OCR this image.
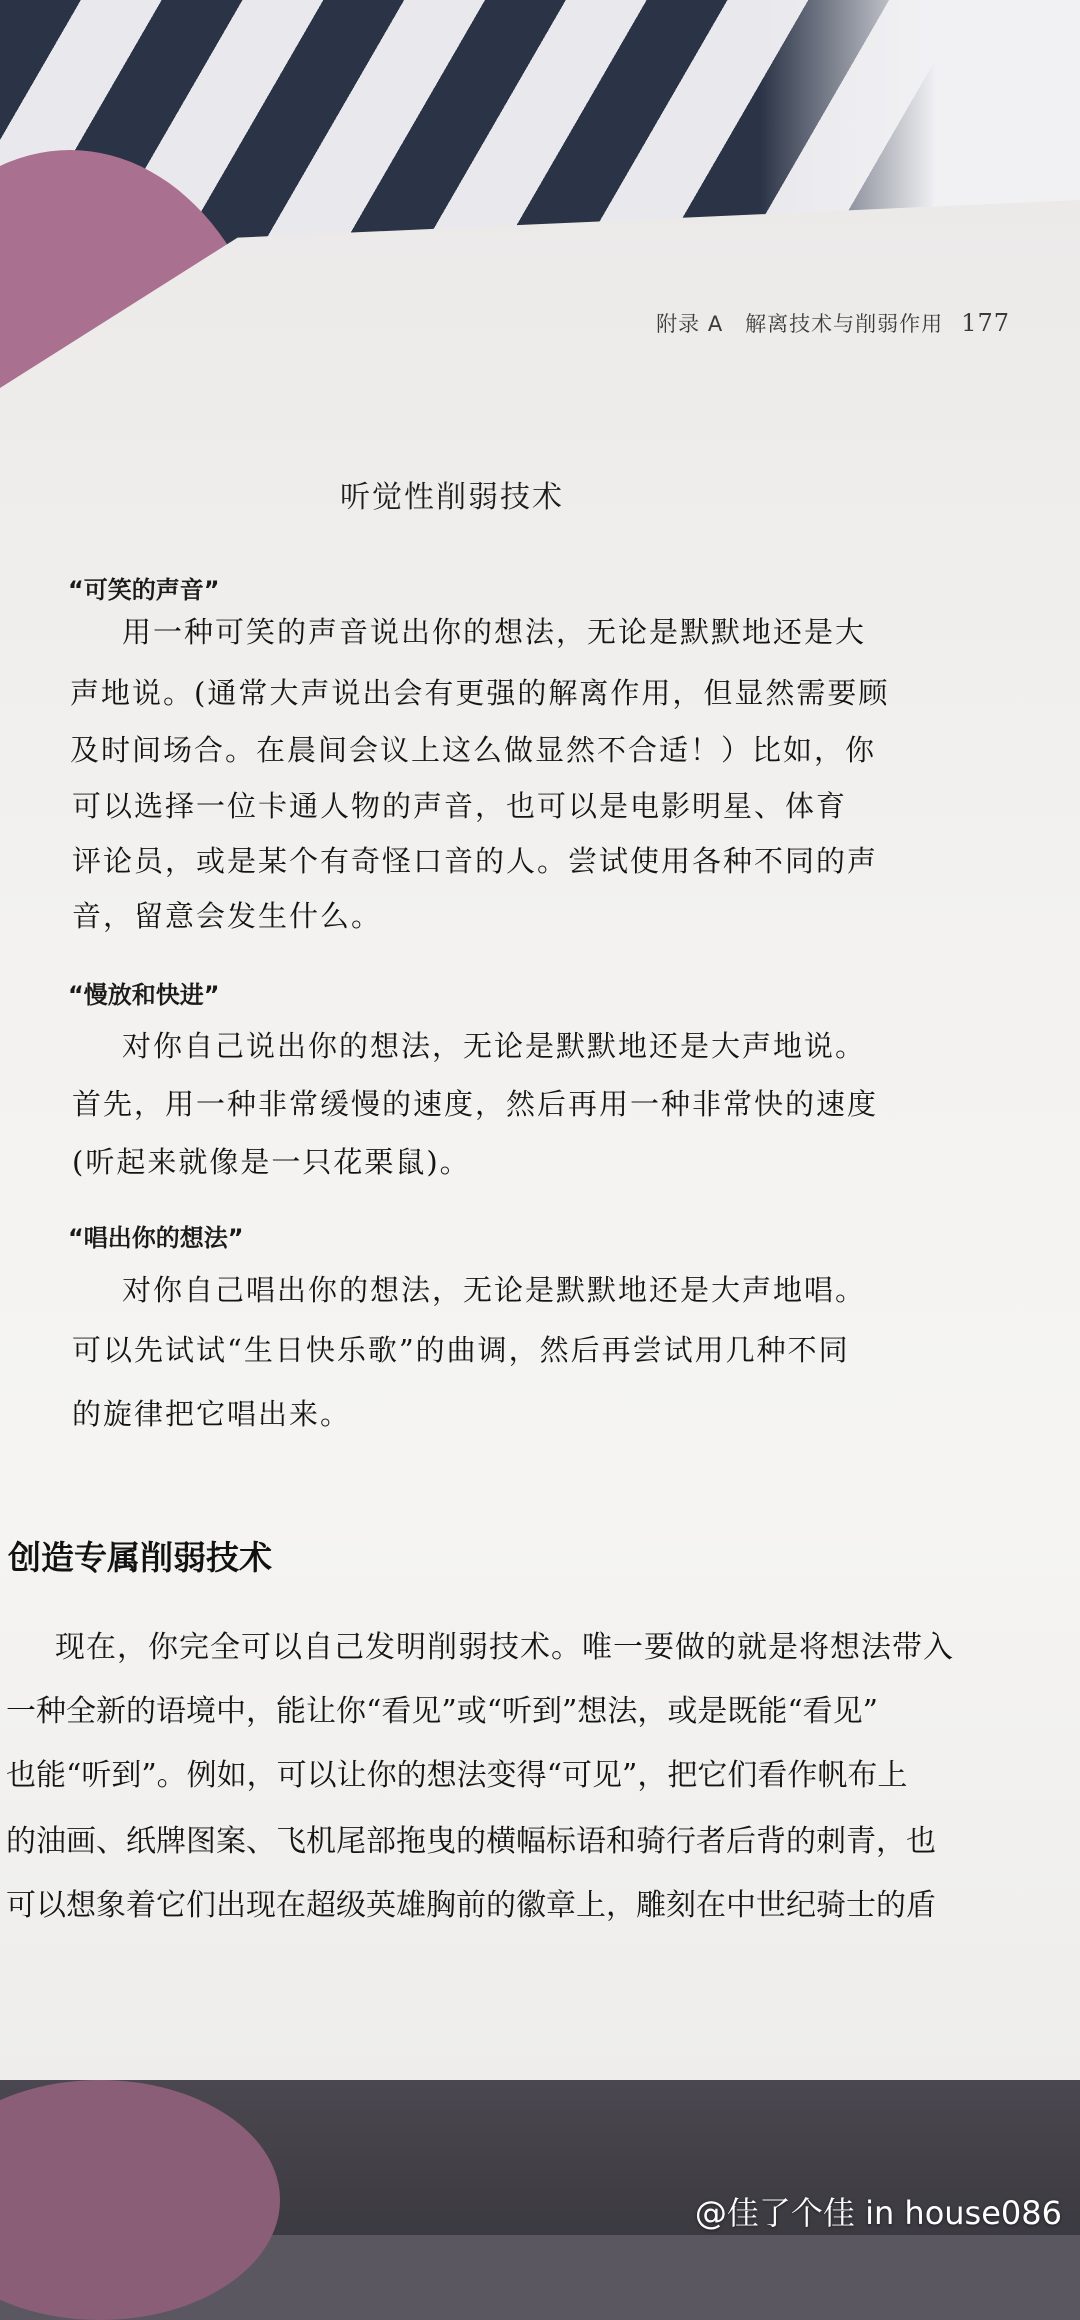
附录 A　解离技术与削弱作用 177
听觉性削弱技术
“可笑的声音”
用一种可笑的声音说出你的想法，无论是默默地还是大
声地说。(通常大声说出会有更强的解离作用，但显然需要顾
及时间场合。在晨间会议上这么做显然不合适！）比如，你
可以选择一位卡通人物的声音，也可以是电影明星、体育
评论员，或是某个有奇怪口音的人。尝试使用各种不同的声
音，留意会发生什么。
“慢放和快进”
对你自己说出你的想法，无论是默默地还是大声地说。
首先，用一种非常缓慢的速度，然后再用一种非常快的速度
(听起来就像是一只花栗鼠)。
“唱出你的想法”
对你自己唱出你的想法，无论是默默地还是大声地唱。
可以先试试“生日快乐歌”的曲调，然后再尝试用几种不同
的旋律把它唱出来。
创造专属削弱技术
现在，你完全可以自己发明削弱技术。唯一要做的就是将想法带入
一种全新的语境中，能让你“看见”或“听到”想法，或是既能“看见”
也能“听到”。例如，可以让你的想法变得“可见”，把它们看作帆布上
的油画、纸牌图案、飞机尾部拖曳的横幅标语和骑行者后背的刺青，也
可以想象着它们出现在超级英雄胸前的徽章上，雕刻在中世纪骑士的盾
@佳了个佳 in house086
